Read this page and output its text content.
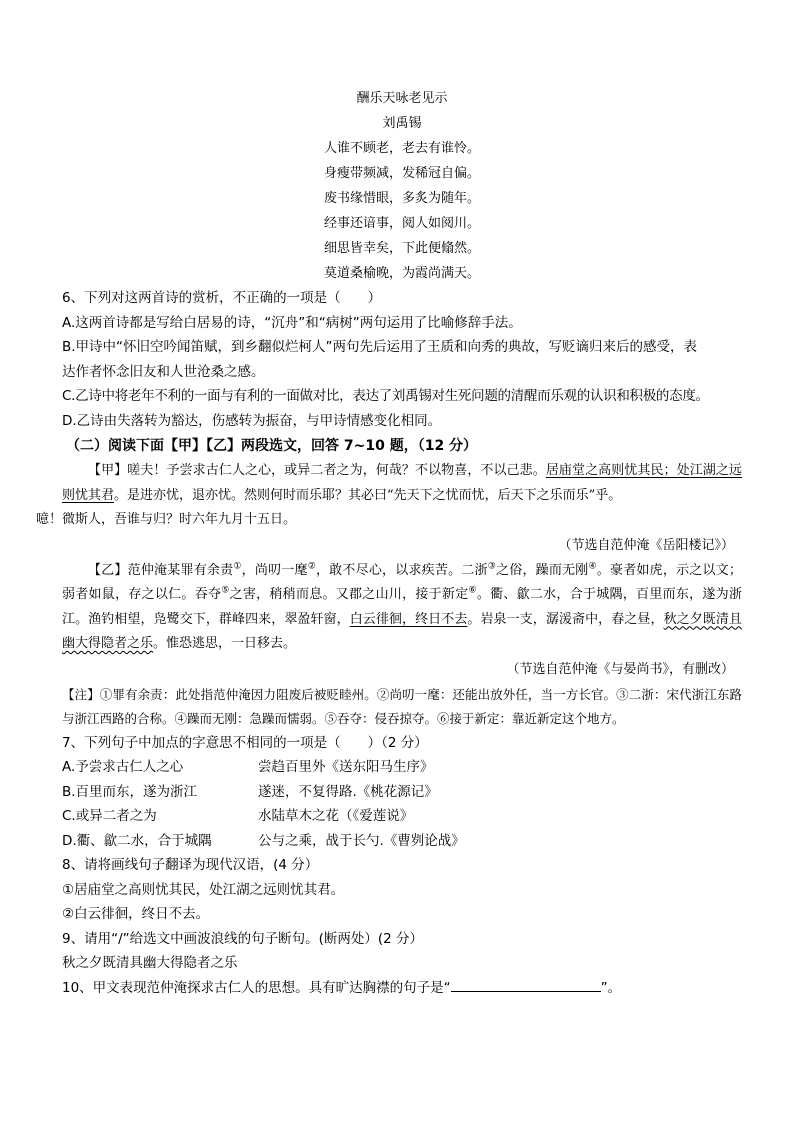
酬乐天咏老见示
刘禹锡
人谁不顾老，老去有谁怜。
身瘦带频减，发稀冠自偏。
废书缘惜眼，多炙为随年。
经事还谙事，阅人如阅川。
细思皆幸矣，下此便翛然。
莫道桑榆晚，为霞尚满天。
6、下列对这两首诗的赏析，不正确的一项是（　　）
A.这两首诗都是写给白居易的诗，“沉舟”和“病树”两句运用了比喻修辞手法。
B.甲诗中“怀旧空吟闻笛赋，到乡翻似烂柯人”两句先后运用了王质和向秀的典故，写贬谪归来后的感受，表
达作者怀念旧友和人世沧桑之感。
C.乙诗中将老年不利的一面与有利的一面做对比，表达了刘禹锡对生死问题的清醒而乐观的认识和积极的态度。
D.乙诗由失落转为豁达，伤感转为振奋，与甲诗情感变化相同。
（二）阅读下面【甲】【乙】两段选文，回答 7~10 题，（12 分）
【甲】嗟夫！予尝求古仁人之心，或异二者之为，何哉？不以物喜，不以己悲。居庙堂之高则忧其民；处江湖之远则忧其君。是进亦忧，退亦忧。然则何时而乐耶？其必曰“先天下之忧而忧，后天下之乐而乐”乎。
噫！微斯人，吾谁与归？时六年九月十五日。
（节选自范仲淹《岳阳楼记》）
【乙】范仲淹某罪有余责①，尚叨一麾②，敢不尽心，以求疾苦。二浙③之俗，躁而无刚④。豪者如虎，示之以文；弱者如鼠，存之以仁。吞夺⑤之害，稍稍而息。又郡之山川，接于新定⑥。衢、歙二水，合于城隅，百里而东，遂为浙江。渔钓相望，凫鹭交下，群峰四来，翠盈轩窗，白云徘徊，终日不去。岩泉一支，潺湲斋中，春之昼，秋之夕既清且幽大得隐者之乐。惟恐逃思，一日移去。
（节选自范仲淹《与晏尚书》，有删改）
【注】①罪有余责：此处指范仲淹因力阻废后被贬睦州。②尚叨一麾：还能出放外任，当一方长官。③二浙：宋代浙江东路与浙江西路的合称。④躁而无刚：急躁而懦弱。⑤吞夺：侵吞掠夺。⑥接于新定：靠近新定这个地方。
7、下列句子中加点的字意思不相同的一项是（　　）（2 分）
A.予尝求古仁人之心	尝趋百里外《送东阳马生序》
B.百里而东，遂为浙江	遂迷，不复得路.《桃花源记》
C.或异二者之为	水陆草木之花（《爱莲说》
D.衢、歙二水，合于城隅	公与之乘，战于长勺.《曹刿论战》
8、请将画线句子翻译为现代汉语，(4 分）
①居庙堂之高则忧其民，处江湖之远则忧其君。
②白云徘徊，终日不去。
9、请用“/”给选文中画波浪线的句子断句。(断两处）(2 分）
秋之夕既清具幽大得隐者之乐
10、甲文表现范仲淹探求古仁人的思想。具有旷达胸襟的句子是“	”。
